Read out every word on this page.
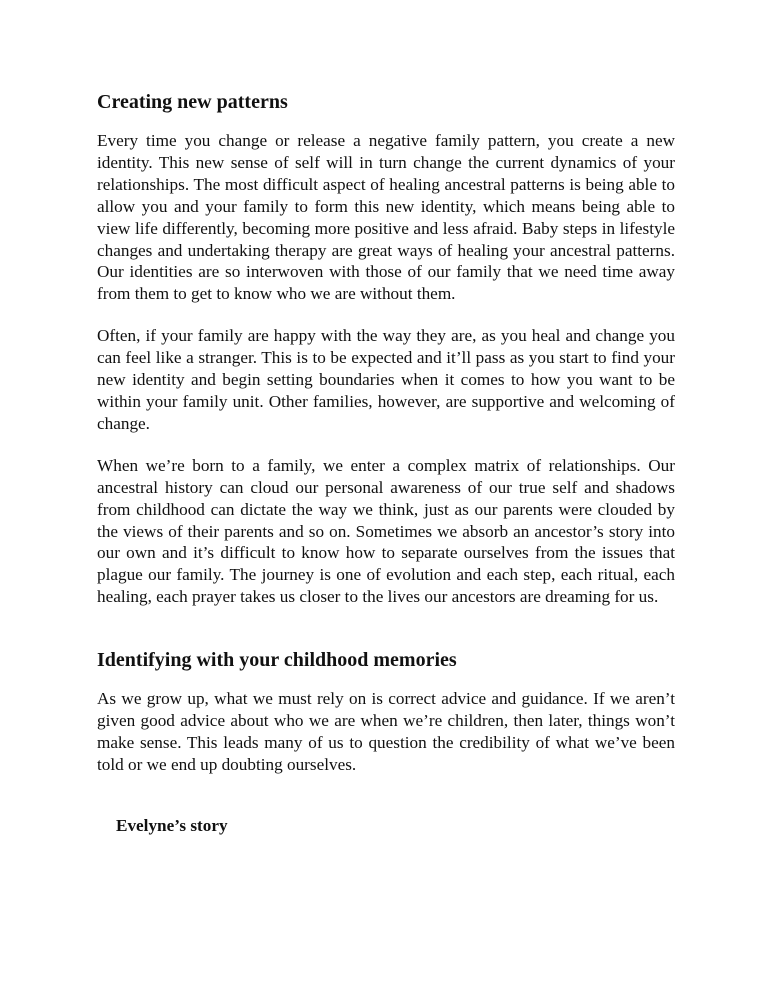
Creating new patterns

Every time you change or release a negative family pattern, you create a new identity. This new sense of self will in turn change the current dynamics of your relationships. The most difficult aspect of healing ancestral patterns is being able to allow you and your family to form this new identity, which means being able to view life differently, becoming more positive and less afraid. Baby steps in lifestyle changes and undertaking therapy are great ways of healing your ancestral patterns. Our identities are so interwoven with those of our family that we need time away from them to get to know who we are without them.

Often, if your family are happy with the way they are, as you heal and change you can feel like a stranger. This is to be expected and it’ll pass as you start to find your new identity and begin setting boundaries when it comes to how you want to be within your family unit. Other families, however, are supportive and welcoming of change.

When we’re born to a family, we enter a complex matrix of relationships. Our ancestral history can cloud our personal awareness of our true self and shadows from childhood can dictate the way we think, just as our parents were clouded by the views of their parents and so on. Sometimes we absorb an ancestor’s story into our own and it’s difficult to know how to separate ourselves from the issues that plague our family. The journey is one of evolution and each step, each ritual, each healing, each prayer takes us closer to the lives our ancestors are dreaming for us.

Identifying with your childhood memories

As we grow up, what we must rely on is correct advice and guidance. If we aren’t given good advice about who we are when we’re children, then later, things won’t make sense. This leads many of us to question the credibility of what we’ve been told or we end up doubting ourselves.

Evelyne’s story
